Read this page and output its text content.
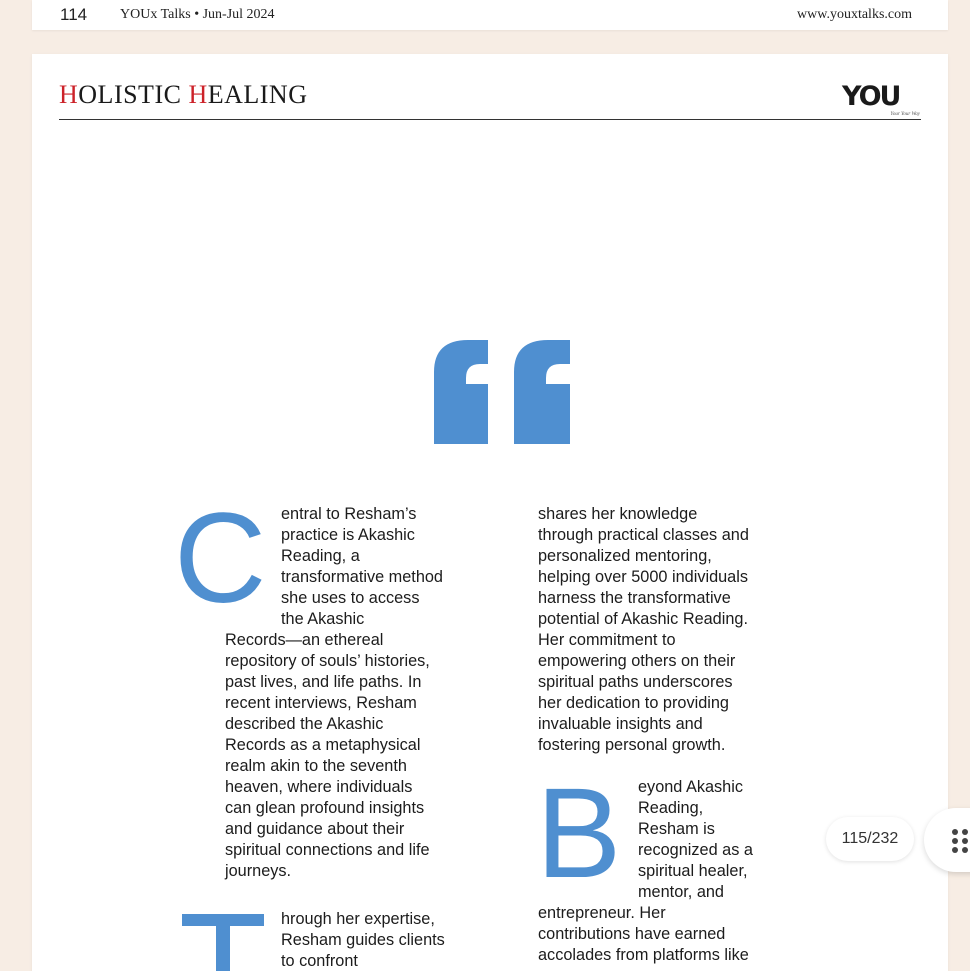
114 YOUx Talks • Jun-Jul 2024	www.youxtalks.com
HOLISTIC HEALING	YOU
Your Your Way
C entral to Resham’s
practice is Akashic
Reading, a
transformative method
she uses to access
the Akashic
Records—an ethereal
repository of souls’ histories,
past lives, and life paths. In
recent interviews, Resham
described the Akashic
Records as a metaphysical
realm akin to the seventh
heaven, where individuals
can glean profound insights
and guidance about their
spiritual connections and life
journeys.
hrough her expertise,
Resham guides clients
to confront
shares her knowledge
through practical classes and
personalized mentoring,
helping over 5000 individuals
harness the transformative
potential of Akashic Reading.
Her commitment to
empowering others on their
spiritual paths underscores
her dedication to providing
invaluable insights and
fostering personal growth.
B eyond Akashic
Reading,
Resham is
recognized as a
spiritual healer,
mentor, and
entrepreneur. Her
contributions have earned
accolades from platforms like
115/232
